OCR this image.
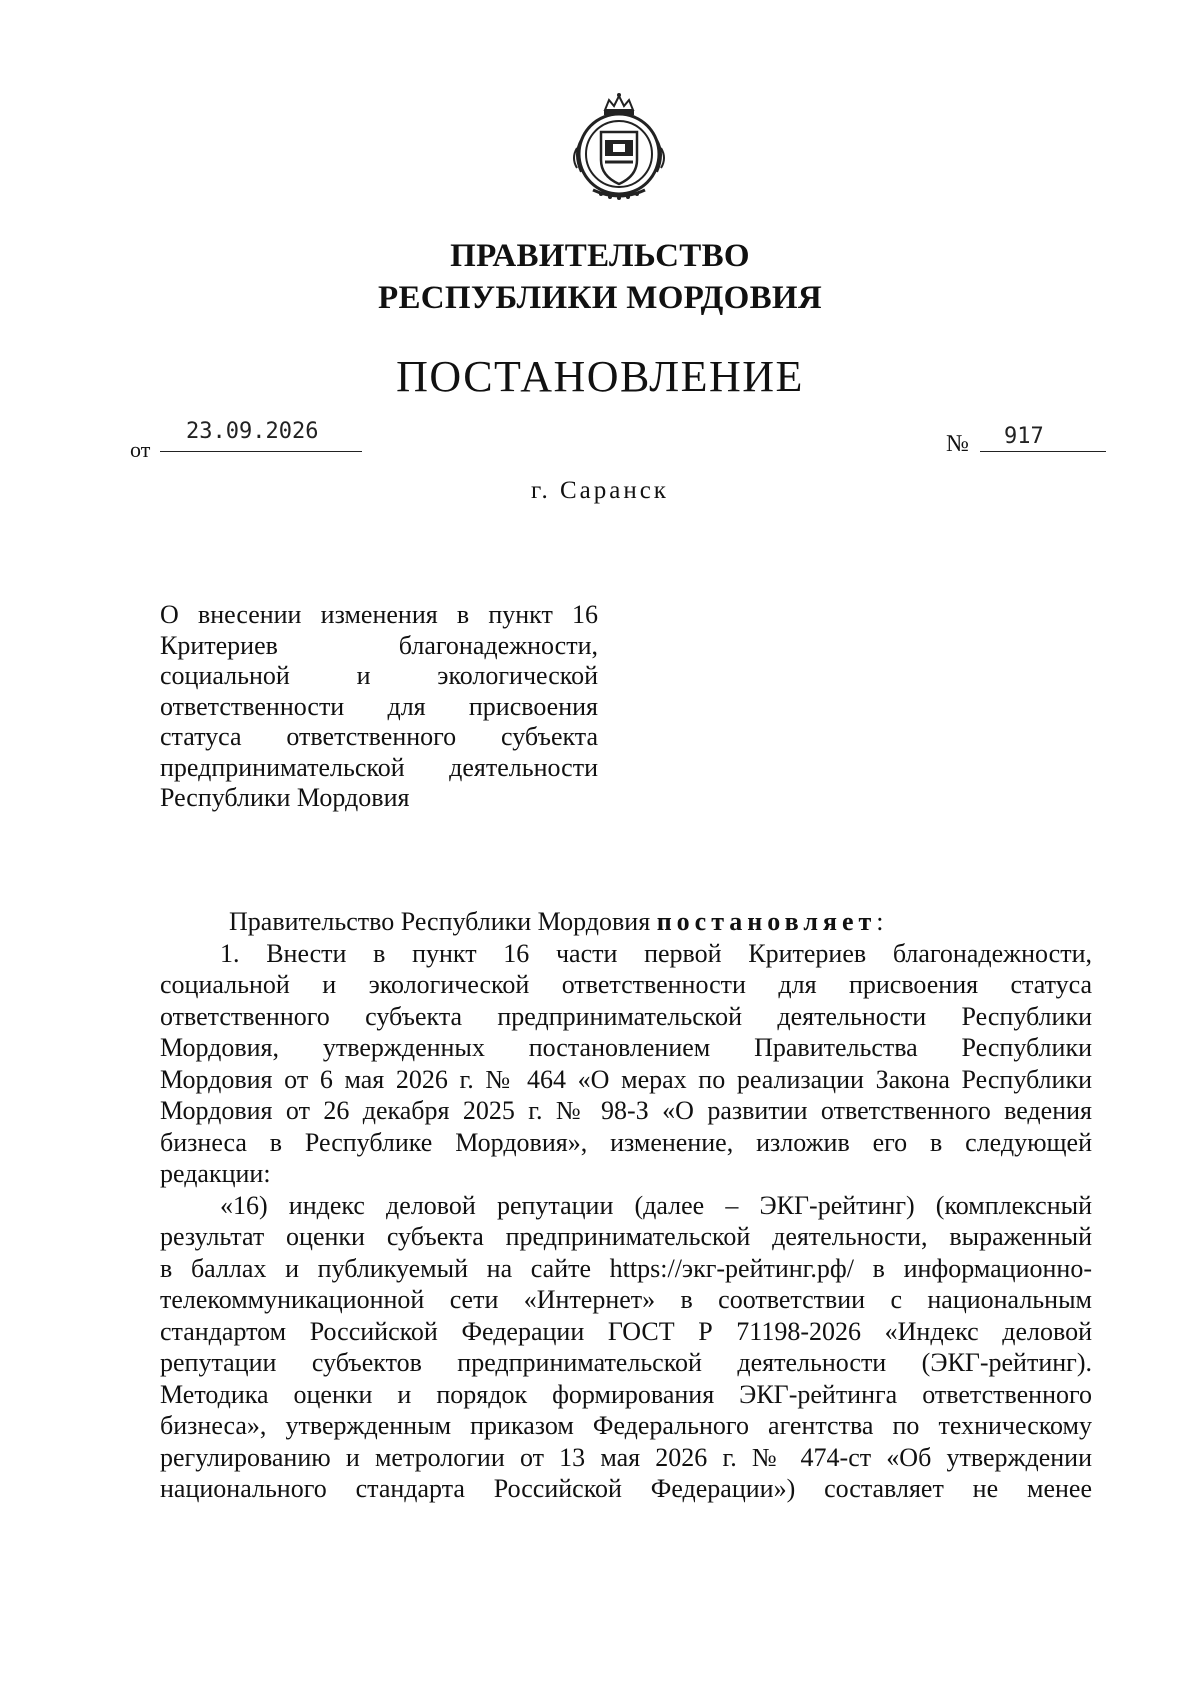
ПРАВИТЕЛЬСТВО
РЕСПУБЛИКИ МОРДОВИЯ
ПОСТАНОВЛЕНИЕ
от
23.09.2026	№ 917
г. Саранск
О внесении изменения в пункт 16
Критериев благонадежности,
социальной и экологической
ответственности для присвоения
статуса ответственного субъекта
предпринимательской деятельности
Республики Мордовия
Правительство Республики Мордовия постановляет:
1. Внести в пункт 16 части первой Критериев благонадежности,
социальной и экологической ответственности для присвоения статуса
ответственного субъекта предпринимательской деятельности Республики
Мордовия, утвержденных постановлением Правительства Республики
Мордовия от 6 мая 2026 г. № 464 «О мерах по реализации Закона Республики
Мордовия от 26 декабря 2025 г. № 98-З «О развитии ответственного ведения
бизнеса в Республике Мордовия», изменение, изложив его в следующей
редакции:
«16) индекс деловой репутации (далее – ЭКГ-рейтинг) (комплексный
результат оценки субъекта предпринимательской деятельности, выраженный
в баллах и публикуемый на сайте https://экг-рейтинг.рф/ в информационно-
телекоммуникационной сети «Интернет» в соответствии с национальным
стандартом Российской Федерации ГОСТ Р 71198-2026 «Индекс деловой
репутации субъектов предпринимательской деятельности (ЭКГ-рейтинг).
Методика оценки и порядок формирования ЭКГ-рейтинга ответственного
бизнеса», утвержденным приказом Федерального агентства по техническому
регулированию и метрологии от 13 мая 2026 г. № 474-ст «Об утверждении
национального стандарта Российской Федерации») составляет не менее
